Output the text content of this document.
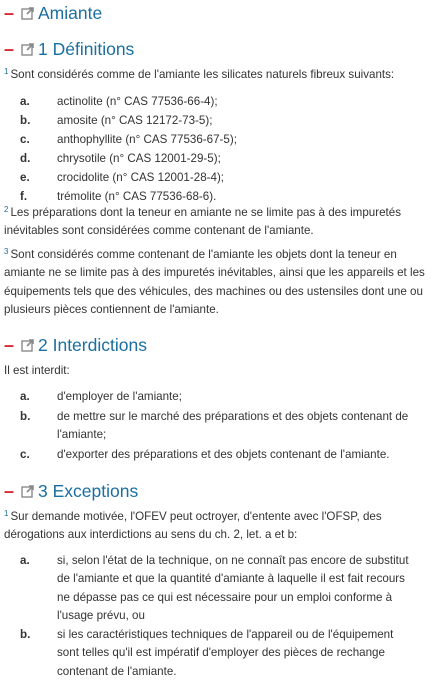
– Amiante
– 1 Définitions
$^1$ Sont considérés comme de l'amiante les silicates naturels fibreux suivants:
a. actinolite (n° CAS 77536-66-4);
b. amosite (n° CAS 12172-73-5);
c. anthophyllite (n° CAS 77536-67-5);
d. chrysotile (n° CAS 12001-29-5);
e. crocidolite (n° CAS 12001-28-4);
f.	trémolite (n° CAS 77536-68-6).
$^2$ Les préparations dont la teneur en amiante ne se limite pas à des impuretés inévitables sont considérées comme contenant de l'amiante.
$^3$ Sont considérés comme contenant de l'amiante les objets dont la teneur en amiante ne se limite pas à des impuretés inévitables, ainsi que les appareils et les équipements tels que des véhicules, des machines ou des ustensiles dont une ou plusieurs pièces contiennent de l'amiante.
– 2 Interdictions
Il est interdit:
a. d'employer de l'amiante;
b. de mettre sur le marché des préparations et des objets contenant de l'amiante;
c. d'exporter des préparations et des objets contenant de l'amiante.
– 3 Exceptions
$^1$ Sur demande motivée, l'OFEV peut octroyer, d'entente avec l'OFSP, des dérogations aux interdictions au sens du ch. 2, let. a et b:
a. si, selon l'état de la technique, on ne connaît pas encore de substitut de l'amiante et que la quantité d'amiante à laquelle il est fait recours ne dépasse pas ce qui est nécessaire pour un emploi conforme à l'usage prévu, ou
b. si les caractéristiques techniques de l'appareil ou de l'équipement sont telles qu'il est impératif d'employer des pièces de rechange contenant de l'amiante.
